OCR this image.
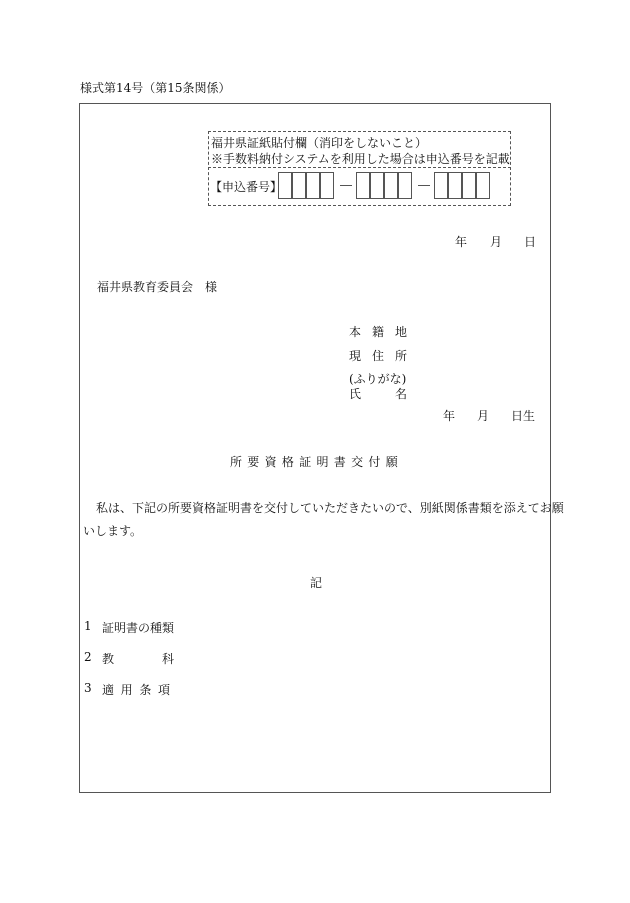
様式第14号（第15条関係）
福井県証紙貼付欄（消印をしないこと）
※手数料納付システムを利用した場合は申込番号を記載
【申込番号】
年 月 日
福井県教育委員会　様
本 籍 地
現 住 所
(ふりがな)
氏	名
年 月 日生
所要資格証明書交付願
私は、下記の所要資格証明書を交付していただきたいので、別紙関係書類を添えてお願
いします。
記
1 証明書の種類
2 教	科
3 適 用 条 項
